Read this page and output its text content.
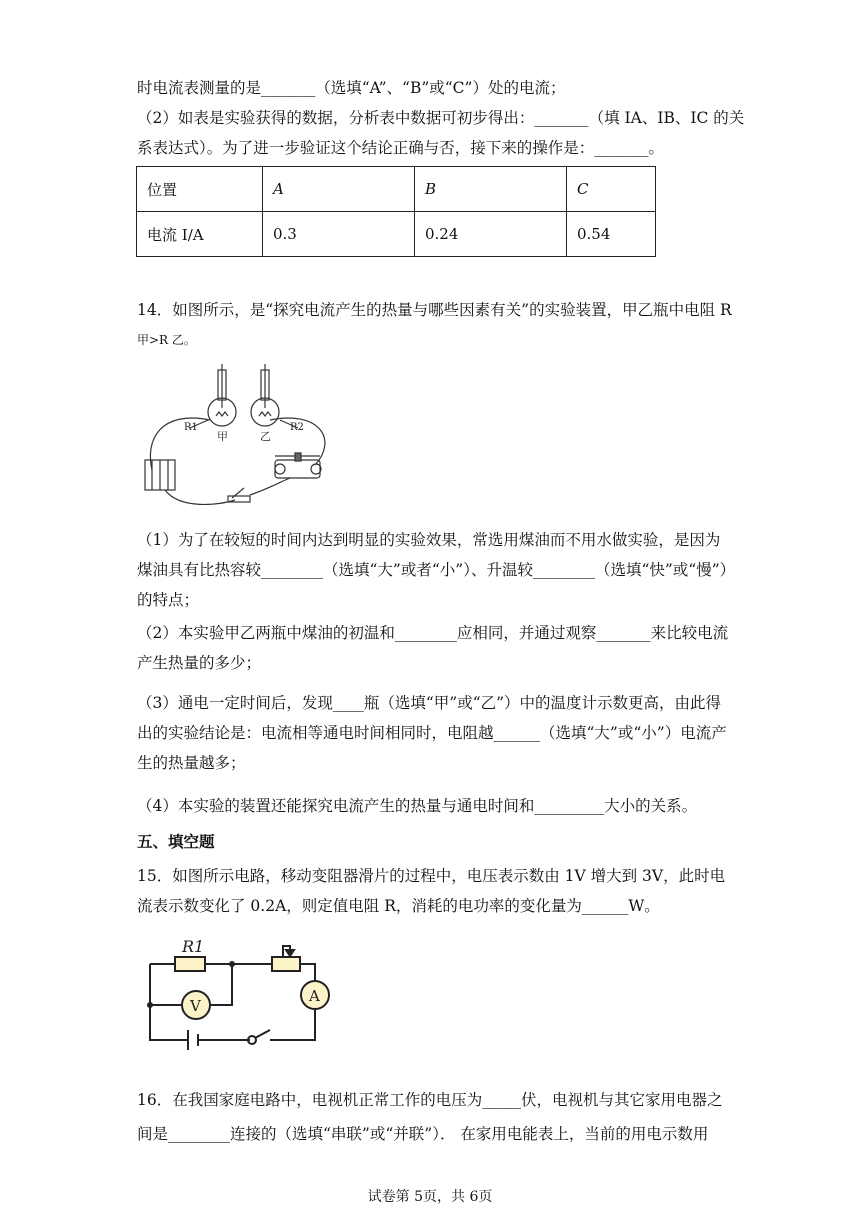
时电流表测量的是_______（选填“A”、“B”或“C”）处的电流；
（2）如表是实验获得的数据，分析表中数据可初步得出：_______（填 IA、IB、IC 的关
系表达式）。为了进一步验证这个结论正确与否，接下来的操作是：_______。
位置	A	B	C
电流 I/A	0.3	0.24	0.54
14．如图所示，是“探究电流产生的热量与哪些因素有关”的实验装置，甲乙瓶中电阻 R
甲>R 乙。
R1	R2
甲	乙
（1）为了在较短的时间内达到明显的实验效果，常选用煤油而不用水做实验，是因为
煤油具有比热容较________（选填“大”或者“小”）、升温较________（选填“快”或“慢”）
的特点；
（2）本实验甲乙两瓶中煤油的初温和________应相同，并通过观察_______来比较电流
产生热量的多少；
（3）通电一定时间后，发现____瓶（选填“甲”或“乙”）中的温度计示数更高，由此得
出的实验结论是：电流相等通电时间相同时，电阻越______（选填“大”或“小”）电流产
生的热量越多；
（4）本实验的装置还能探究电流产生的热量与通电时间和_________大小的关系。
五、填空题
15．如图所示电路，移动变阻器滑片的过程中，电压表示数由 1V 增大到 3V，此时电
流表示数变化了 0.2A，则定值电阻 R，消耗的电功率的变化量为______W。
R1
V
A
16．在我国家庭电路中，电视机正常工作的电压为_____伏，电视机与其它家用电器之
间是________连接的（选填“串联”或“并联”）． 在家用电能表上，当前的用电示数用
试卷第 5页，共 6页
